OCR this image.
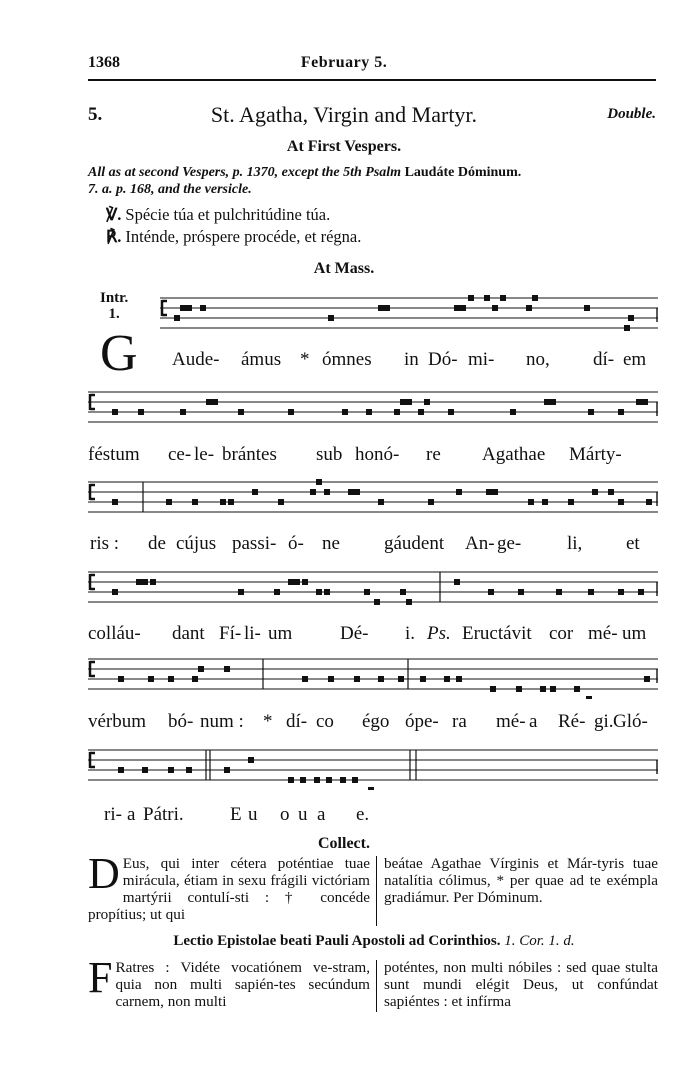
1368	February 5.
5.	St. Agatha, Virgin and Martyr.	Double.
At First Vespers.
All as at second Vespers, p. 1370, except the 5th Psalm Laudáte Dóminum.
7. a. p. 168, and the versicle.
℣. Spécie túa et pulchritúdine túa.
℟. Inténde, próspere procéde, et régna.
At Mass.
Intr.
1.
G Aude- ámus * ómnes in Dó- mi- no, dí- em
féstum ce- le- brántes sub honó- re Agathae Márty-
ris : de cújus passi- ó- ne gáudent An- ge- li, et
colláu- dant Fí- li- um	Dé- i. Ps. Eructávit cor mé- um
vérbum bó- num : * dí- co égo ópe- ra mé- a Ré- gi. Gló-
ri- a Pátri. E u o u a e.
Collect.
D Eus, qui inter cétera poténtiae tuae mirácula, étiam in sexu frágili victóriam martýrii contulí-sti : † concéde propítius; ut qui
beátae Agathae Vírginis et Már-tyris tuae natalítia cólimus, * per quae ad te exémpla gradiámur. Per Dóminum.
Lectio Epistolae beati Pauli Apostoli ad Corinthios. 1. Cor. 1. d.
F Ratres : Vidéte vocatiónem ve-stram, quia non multi sapién-tes secúndum carnem, non multi
poténtes, non multi nóbiles : sed quae stulta sunt mundi elégit Deus, ut confúndat sapiéntes : et infírma
